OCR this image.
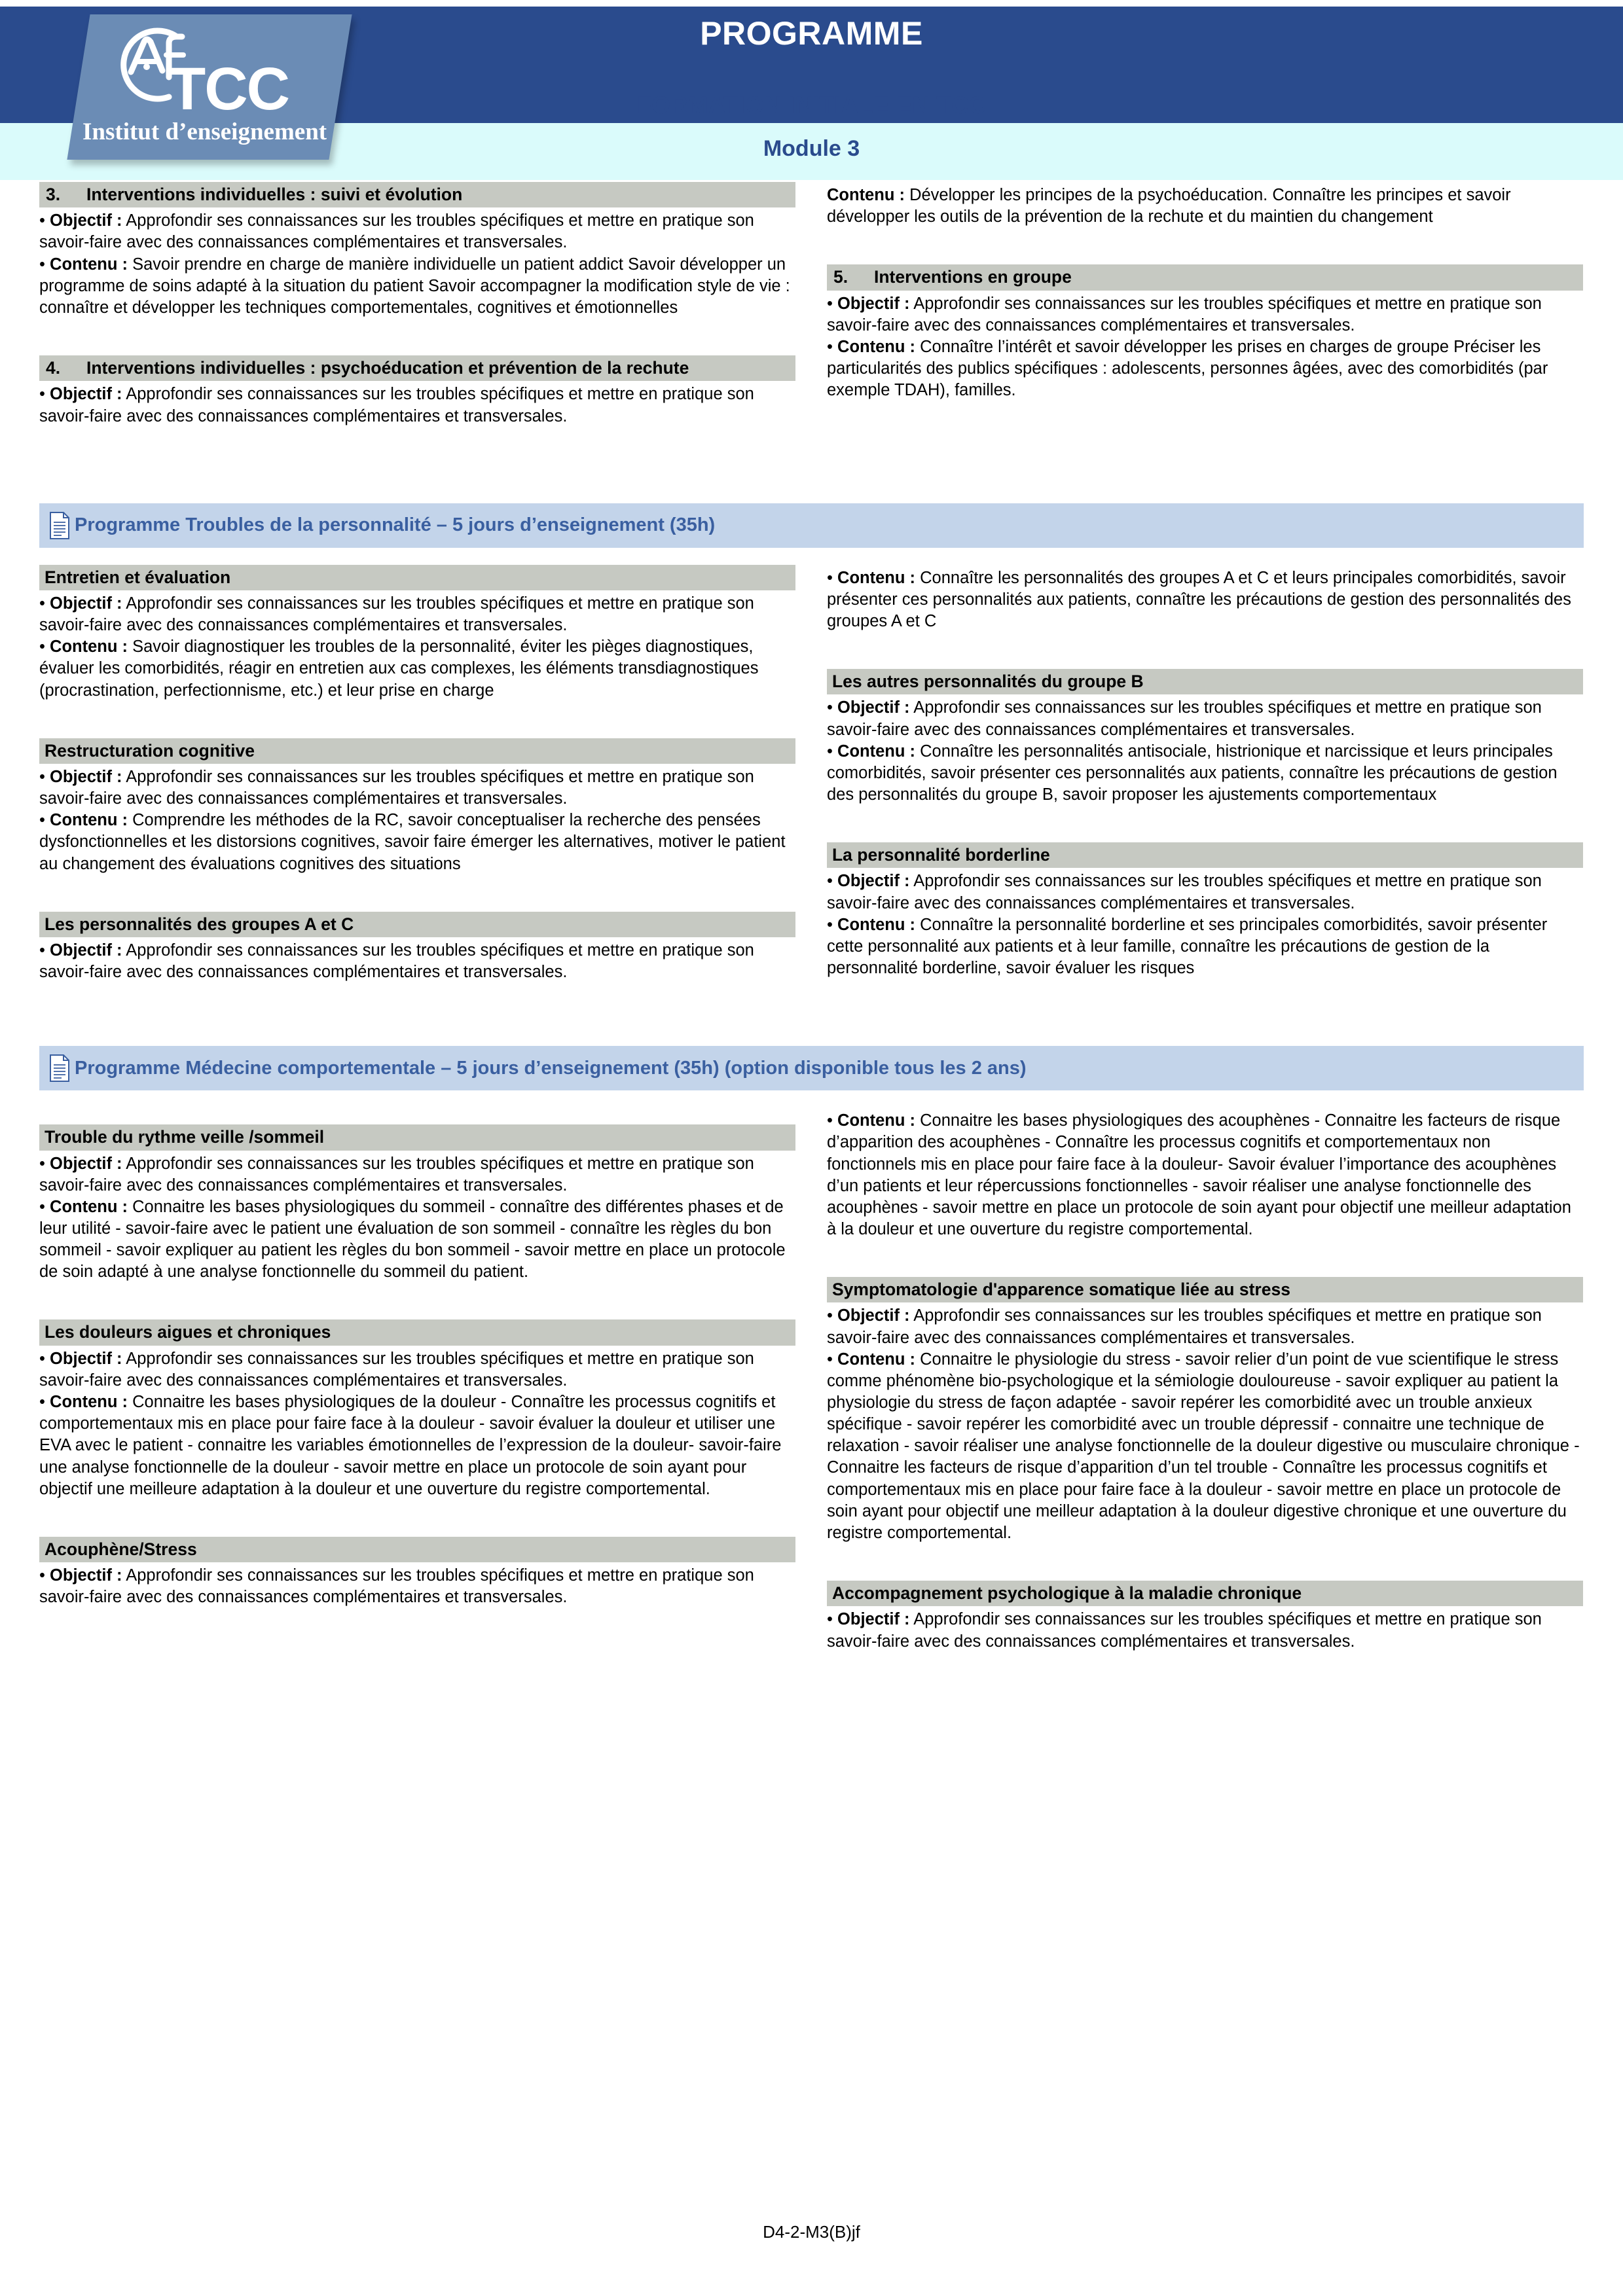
PROGRAMME
FORMATION INITIALE EN TCC
Module 3
TCC
Institut d’enseignement
3. Interventions individuelles : suivi et évolution
• Objectif : Approfondir ses connaissances sur les troubles spécifiques et mettre en pratique son savoir-faire avec des connaissances complémentaires et transversales.
• Contenu : Savoir prendre en charge de manière individuelle un patient addict Savoir développer un programme de soins adapté à la situation du patient Savoir accompagner la modification style de vie : connaître et développer les techniques comportementales, cognitives et émotionnelles
4. Interventions individuelles : psychoéducation et prévention de la rechute
• Objectif : Approfondir ses connaissances sur les troubles spécifiques et mettre en pratique son savoir-faire avec des connaissances complémentaires et transversales.
Contenu : Développer les principes de la psychoéducation. Connaître les principes et savoir développer les outils de la prévention de la rechute et du maintien du changement
5. Interventions en groupe
• Objectif : Approfondir ses connaissances sur les troubles spécifiques et mettre en pratique son savoir-faire avec des connaissances complémentaires et transversales.
• Contenu : Connaître l’intérêt et savoir développer les prises en charges de groupe Préciser les particularités des publics spécifiques : adolescents, personnes âgées, avec des comorbidités (par exemple TDAH), familles.
Programme Troubles de la personnalité – 5 jours d’enseignement (35h)
Entretien et évaluation
• Objectif : Approfondir ses connaissances sur les troubles spécifiques et mettre en pratique son savoir-faire avec des connaissances complémentaires et transversales.
• Contenu : Savoir diagnostiquer les troubles de la personnalité, éviter les pièges diagnostiques, évaluer les comorbidités, réagir en entretien aux cas complexes, les éléments transdiagnostiques (procrastination, perfectionnisme, etc.) et leur prise en charge
Restructuration cognitive
• Objectif : Approfondir ses connaissances sur les troubles spécifiques et mettre en pratique son savoir-faire avec des connaissances complémentaires et transversales.
• Contenu : Comprendre les méthodes de la RC, savoir conceptualiser la recherche des pensées dysfonctionnelles et les distorsions cognitives, savoir faire émerger les alternatives, motiver le patient au changement des évaluations cognitives des situations
Les personnalités des groupes A et C
• Objectif : Approfondir ses connaissances sur les troubles spécifiques et mettre en pratique son savoir-faire avec des connaissances complémentaires et transversales.
• Contenu : Connaître les personnalités des groupes A et C et leurs principales comorbidités, savoir présenter ces personnalités aux patients, connaître les précautions de gestion des personnalités des groupes A et C
Les autres personnalités du groupe B
• Objectif : Approfondir ses connaissances sur les troubles spécifiques et mettre en pratique son savoir-faire avec des connaissances complémentaires et transversales.
• Contenu : Connaître les personnalités antisociale, histrionique et narcissique et leurs principales comorbidités, savoir présenter ces personnalités aux patients, connaître les précautions de gestion des personnalités du groupe B, savoir proposer les ajustements comportementaux
La personnalité borderline
• Objectif : Approfondir ses connaissances sur les troubles spécifiques et mettre en pratique son savoir-faire avec des connaissances complémentaires et transversales.
• Contenu : Connaître la personnalité borderline et ses principales comorbidités, savoir présenter cette personnalité aux patients et à leur famille, connaître les précautions de gestion de la personnalité borderline, savoir évaluer les risques
Programme Médecine comportementale – 5 jours d’enseignement (35h) (option disponible tous les 2 ans)
Trouble du rythme veille /sommeil
• Objectif : Approfondir ses connaissances sur les troubles spécifiques et mettre en pratique son savoir-faire avec des connaissances complémentaires et transversales.
• Contenu : Connaitre les bases physiologiques du sommeil - connaître des différentes phases et de leur utilité - savoir-faire avec le patient une évaluation de son sommeil - connaître les règles du bon sommeil - savoir expliquer au patient les règles du bon sommeil - savoir mettre en place un protocole de soin adapté à une analyse fonctionnelle du sommeil du patient.
Les douleurs aigues et chroniques
• Objectif : Approfondir ses connaissances sur les troubles spécifiques et mettre en pratique son savoir-faire avec des connaissances complémentaires et transversales.
• Contenu : Connaitre les bases physiologiques de la douleur - Connaître les processus cognitifs et comportementaux mis en place pour faire face à la douleur - savoir évaluer la douleur et utiliser une EVA avec le patient - connaitre les variables émotionnelles de l’expression de la douleur- savoir-faire une analyse fonctionnelle de la douleur - savoir mettre en place un protocole de soin ayant pour objectif une meilleure adaptation à la douleur et une ouverture du registre comportemental.
Acouphène/Stress
• Objectif : Approfondir ses connaissances sur les troubles spécifiques et mettre en pratique son savoir-faire avec des connaissances complémentaires et transversales.
• Contenu : Connaitre les bases physiologiques des acouphènes - Connaitre les facteurs de risque d’apparition des acouphènes - Connaître les processus cognitifs et comportementaux non fonctionnels mis en place pour faire face à la douleur- Savoir évaluer l’importance des acouphènes d’un patients et leur répercussions fonctionnelles - savoir réaliser une analyse fonctionnelle des acouphènes - savoir mettre en place un protocole de soin ayant pour objectif une meilleur adaptation à la douleur et une ouverture du registre comportemental.
Symptomatologie d'apparence somatique liée au stress
• Objectif : Approfondir ses connaissances sur les troubles spécifiques et mettre en pratique son savoir-faire avec des connaissances complémentaires et transversales.
• Contenu : Connaitre le physiologie du stress - savoir relier d’un point de vue scientifique le stress comme phénomène bio-psychologique et la sémiologie douloureuse - savoir expliquer au patient la physiologie du stress de façon adaptée - savoir repérer les comorbidité avec un trouble anxieux spécifique - savoir repérer les comorbidité avec un trouble dépressif - connaitre une technique de relaxation - savoir réaliser une analyse fonctionnelle de la douleur digestive ou musculaire chronique - Connaitre les facteurs de risque d’apparition d’un tel trouble - Connaître les processus cognitifs et comportementaux mis en place pour faire face à la douleur - savoir mettre en place un protocole de soin ayant pour objectif une meilleur adaptation à la douleur digestive chronique et une ouverture du registre comportemental.
Accompagnement psychologique à la maladie chronique
• Objectif : Approfondir ses connaissances sur les troubles spécifiques et mettre en pratique son savoir-faire avec des connaissances complémentaires et transversales.
D4-2-M3(B)jf
